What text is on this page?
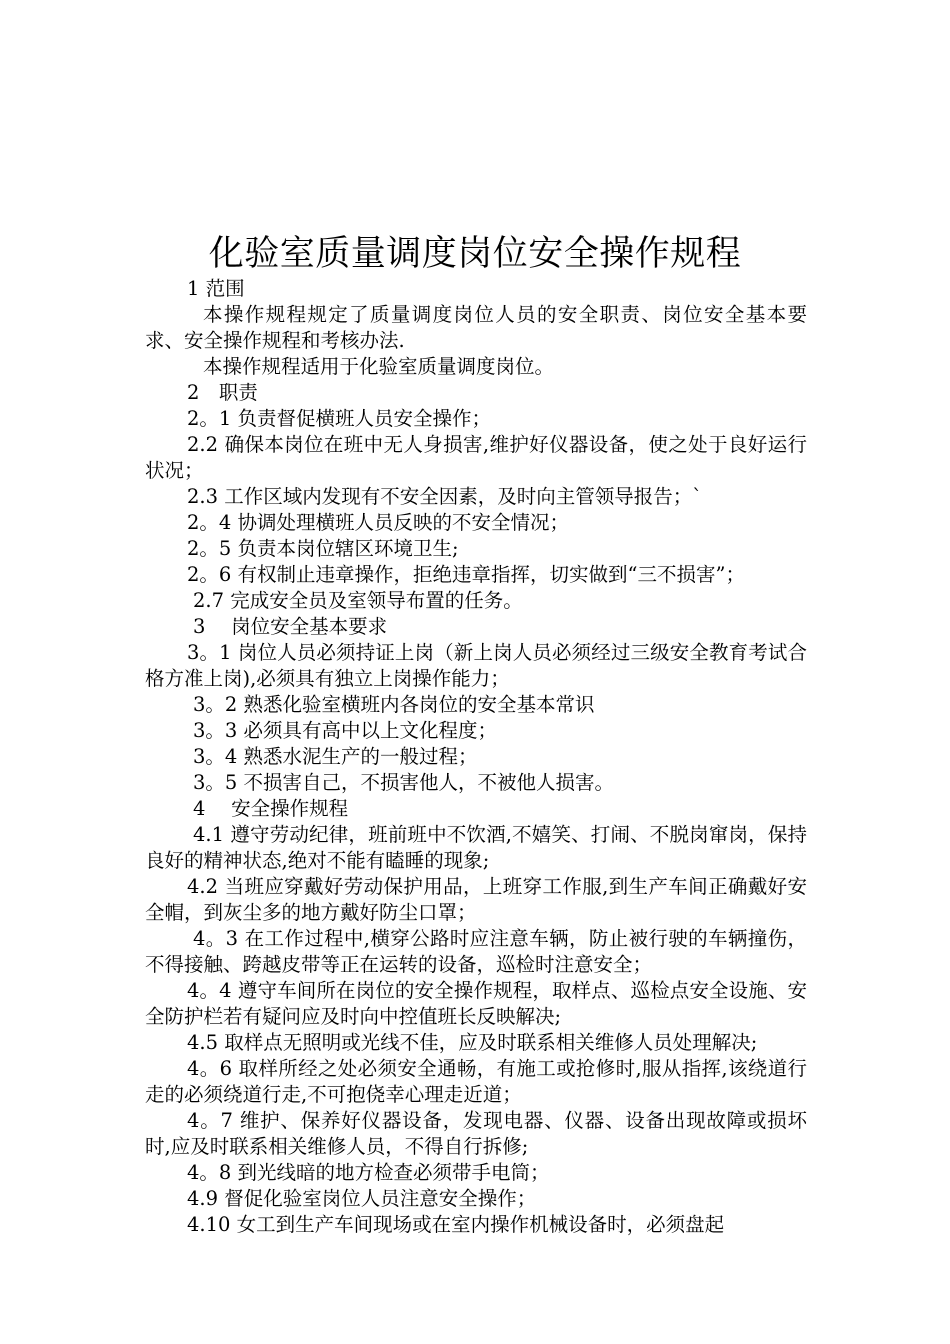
化验室质量调度岗位安全操作规程

1 范围

本操作规程规定了质量调度岗位人员的安全职责、岗位安全基本要求、安全操作规程和考核办法.

本操作规程适用于化验室质量调度岗位。

2　职责

2。1 负责督促横班人员安全操作；

2.2 确保本岗位在班中无人身损害,维护好仪器设备，使之处于良好运行状况；

2.3 工作区域内发现有不安全因素，及时向主管领导报告；`

2。4 协调处理横班人员反映的不安全情况；

2。5 负责本岗位辖区环境卫生;

2。6 有权制止违章操作，拒绝违章指挥，切实做到“三不损害”；

2.7 完成安全员及室领导布置的任务。

3　 岗位安全基本要求

3。1 岗位人员必须持证上岗（新上岗人员必须经过三级安全教育考试合格方准上岗),必须具有独立上岗操作能力；

3。2 熟悉化验室横班内各岗位的安全基本常识

3。3 必须具有高中以上文化程度；

3。4 熟悉水泥生产的一般过程；

3。5 不损害自己，不损害他人，不被他人损害。

4　 安全操作规程

4.1 遵守劳动纪律，班前班中不饮酒,不嬉笑、打闹、不脱岗窜岗，保持良好的精神状态,绝对不能有瞌睡的现象;

4.2 当班应穿戴好劳动保护用品，上班穿工作服,到生产车间正确戴好安全帽，到灰尘多的地方戴好防尘口罩；

4。3 在工作过程中,横穿公路时应注意车辆，防止被行驶的车辆撞伤，不得接触、跨越皮带等正在运转的设备，巡检时注意安全；

4。4 遵守车间所在岗位的安全操作规程，取样点、巡检点安全设施、安全防护栏若有疑问应及时向中控值班长反映解决;

4.5 取样点无照明或光线不佳，应及时联系相关维修人员处理解决;

4。6 取样所经之处必须安全通畅，有施工或抢修时,服从指挥,该绕道行走的必须绕道行走,不可抱侥幸心理走近道；

4。7 维护、保养好仪器设备，发现电器、仪器、设备出现故障或损坏时,应及时联系相关维修人员，不得自行拆修;

4。8 到光线暗的地方检查必须带手电筒；

4.9 督促化验室岗位人员注意安全操作；

4.10 女工到生产车间现场或在室内操作机械设备时，必须盘起
